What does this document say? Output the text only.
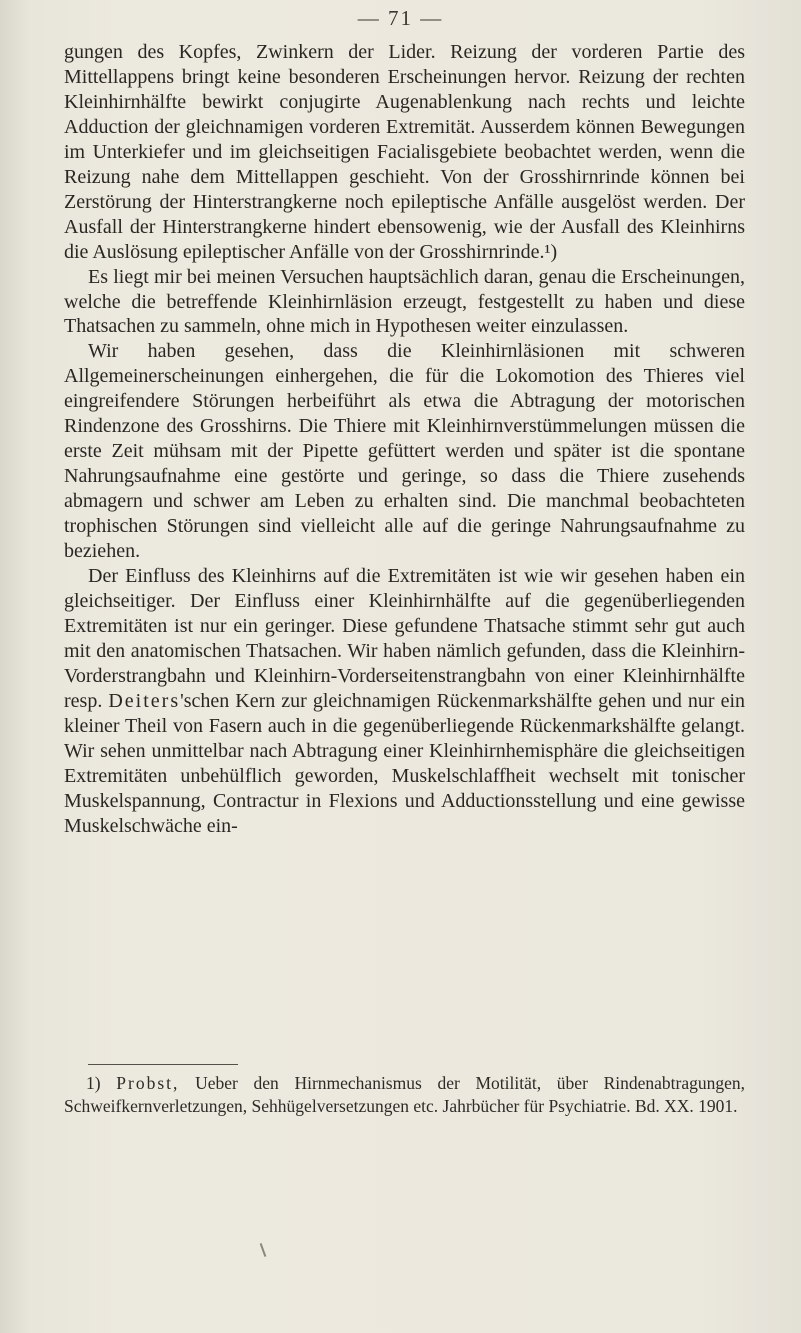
— 71 —

gungen des Kopfes, Zwinkern der Lider. Reizung der vorderen Partie des Mittellappens bringt keine besonderen Erscheinungen hervor. Reizung der rechten Kleinhirnhälfte bewirkt conjugirte Augenablenkung nach rechts und leichte Adduction der gleichnamigen vorderen Extremität. Ausserdem können Bewegungen im Unterkiefer und im gleichseitigen Facialisgebiete beobachtet werden, wenn die Reizung nahe dem Mittellappen geschieht. Von der Grosshirnrinde können bei Zerstörung der Hinterstrangkerne noch epileptische Anfälle ausgelöst werden. Der Ausfall der Hinterstrangkerne hindert ebensowenig, wie der Ausfall des Kleinhirns die Auslösung epileptischer Anfälle von der Grosshirnrinde.¹)

Es liegt mir bei meinen Versuchen hauptsächlich daran, genau die Erscheinungen, welche die betreffende Kleinhirnläsion erzeugt, festgestellt zu haben und diese Thatsachen zu sammeln, ohne mich in Hypothesen weiter einzulassen.

Wir haben gesehen, dass die Kleinhirnläsionen mit schweren Allgemeinerscheinungen einhergehen, die für die Lokomotion des Thieres viel eingreifendere Störungen herbeiführt als etwa die Abtragung der motorischen Rindenzone des Grosshirns. Die Thiere mit Kleinhirnverstümmelungen müssen die erste Zeit mühsam mit der Pipette gefüttert werden und später ist die spontane Nahrungsaufnahme eine gestörte und geringe, so dass die Thiere zusehends abmagern und schwer am Leben zu erhalten sind. Die manchmal beobachteten trophischen Störungen sind vielleicht alle auf die geringe Nahrungsaufnahme zu beziehen.

Der Einfluss des Kleinhirns auf die Extremitäten ist wie wir gesehen haben ein gleichseitiger. Der Einfluss einer Kleinhirnhälfte auf die gegenüberliegenden Extremitäten ist nur ein geringer. Diese gefundene Thatsache stimmt sehr gut auch mit den anatomischen Thatsachen. Wir haben nämlich gefunden, dass die Kleinhirn-Vorderstrangbahn und Kleinhirn-Vorderseitenstrangbahn von einer Kleinhirnhälfte resp. Deiters'schen Kern zur gleichnamigen Rückenmarkshälfte gehen und nur ein kleiner Theil von Fasern auch in die gegenüberliegende Rückenmarkshälfte gelangt. Wir sehen unmittelbar nach Abtragung einer Kleinhirnhemisphäre die gleichseitigen Extremitäten unbehülflich geworden, Muskelschlaffheit wechselt mit tonischer Muskelspannung, Contractur in Flexions und Adductionsstellung und eine gewisse Muskelschwäche ein-

1) Probst, Ueber den Hirnmechanismus der Motilität, über Rindenabtragungen, Schweifkernverletzungen, Sehhügelversetzungen etc. Jahrbücher für Psychiatrie. Bd. XX. 1901.
